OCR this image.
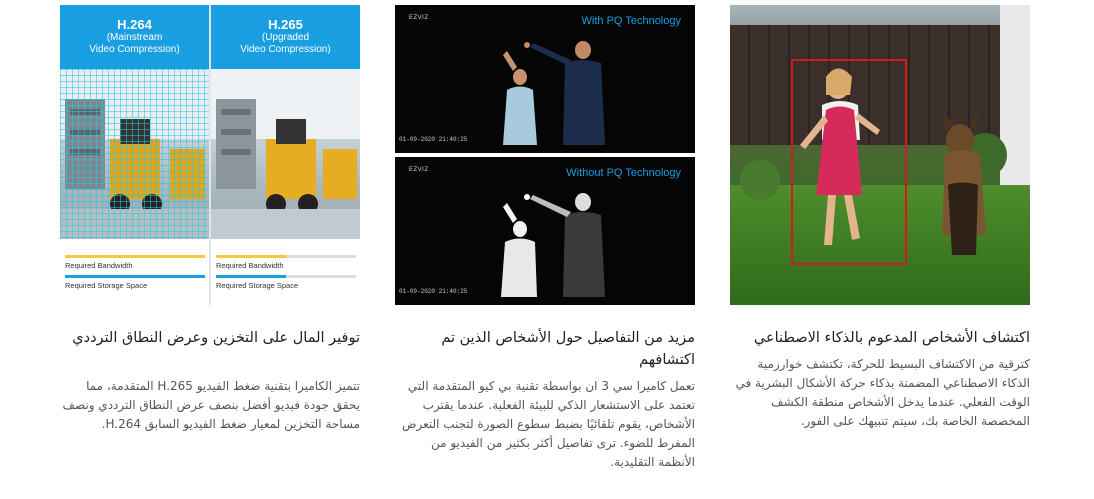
H.264
(Mainstream
Video Compression)
Required Bandwidth
Required Storage Space
H.265
(Upgraded
Video Compression)
Required Bandwidth
Required Storage Space
توفير المال على التخزين وعرض النطاق الترددي
تتميز الكاميرا بتقنية ضغط الفيديو H.265 المتقدمة، مما يحقق جودة فيديو أفضل بنصف عرض النطاق الترددي ونصف مساحة التخزين لمعيار ضغط الفيديو السابق H.264.
EZVIZ	With PQ Technology
01-09-2020 21:40:25
EZVIZ	Without PQ Technology
01-09-2020 21:40:25
مزيد من التفاصيل حول الأشخاص الذين تم اكتشافهم
تعمل كاميرا سي 3 ان بواسطة تقنية بي كيو المتقدمة التي تعتمد على الاستشعار الذكي للبيئة الفعلية. عندما يقترب الأشخاص، يقوم تلقائيًا بضبط سطوع الصورة لتجنب التعرض المفرط للضوء. ترى تفاصيل أكثر بكثير من الفيديو من الأنظمة التقليدية.
اكتشاف الأشخاص المدعوم بالذكاء الاصطناعي
كترقية من الاكتشاف البسيط للحركة، تكتشف خوارزمية الذكاء الاصطناعي المضمنة بذكاء حركة الأشكال البشرية في الوقت الفعلي. عندما يدخل الأشخاص منطقة الكشف المخصصة الخاصة بك، سيتم تنبيهك على الفور.
